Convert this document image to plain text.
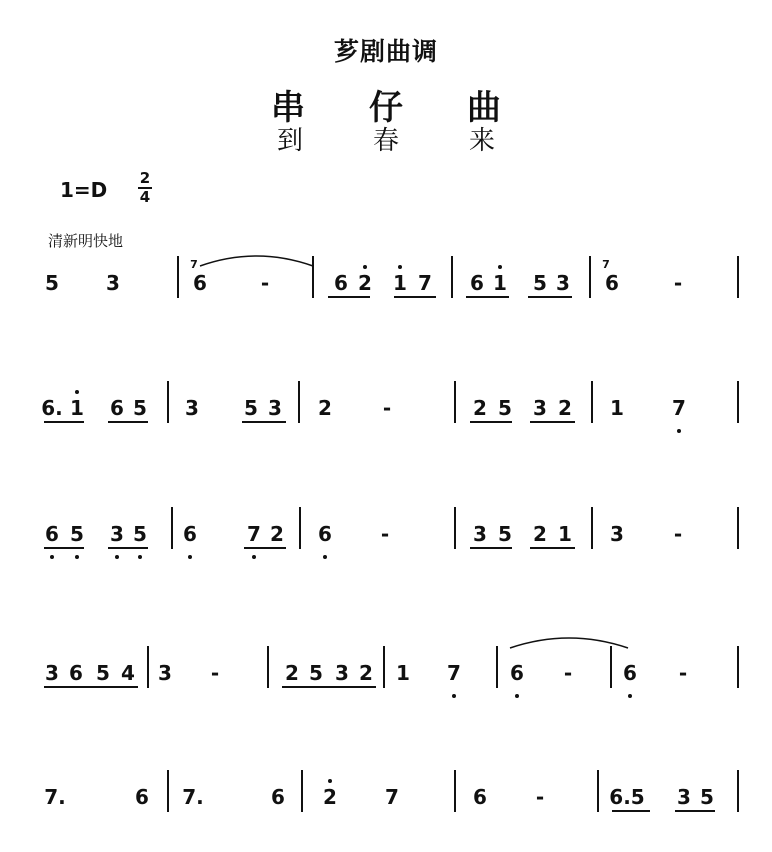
芗剧曲调
串仔曲
到春来
1=D 2
4
清新明快地
5 3	6
7
-	6 2 1 7 6 1 5 3 6
7
-
6. 1 6 5 3 5 3 2	-	2 5 3 2 1 7
6 5 3 5 6	7 2 6 -	3 5 2 1 3 -
3 6 5 4 3 -	2 5 3 2 1 7 6 -	6 -
7.	6 7.	6 2 7	6 -	6.5 3 5
